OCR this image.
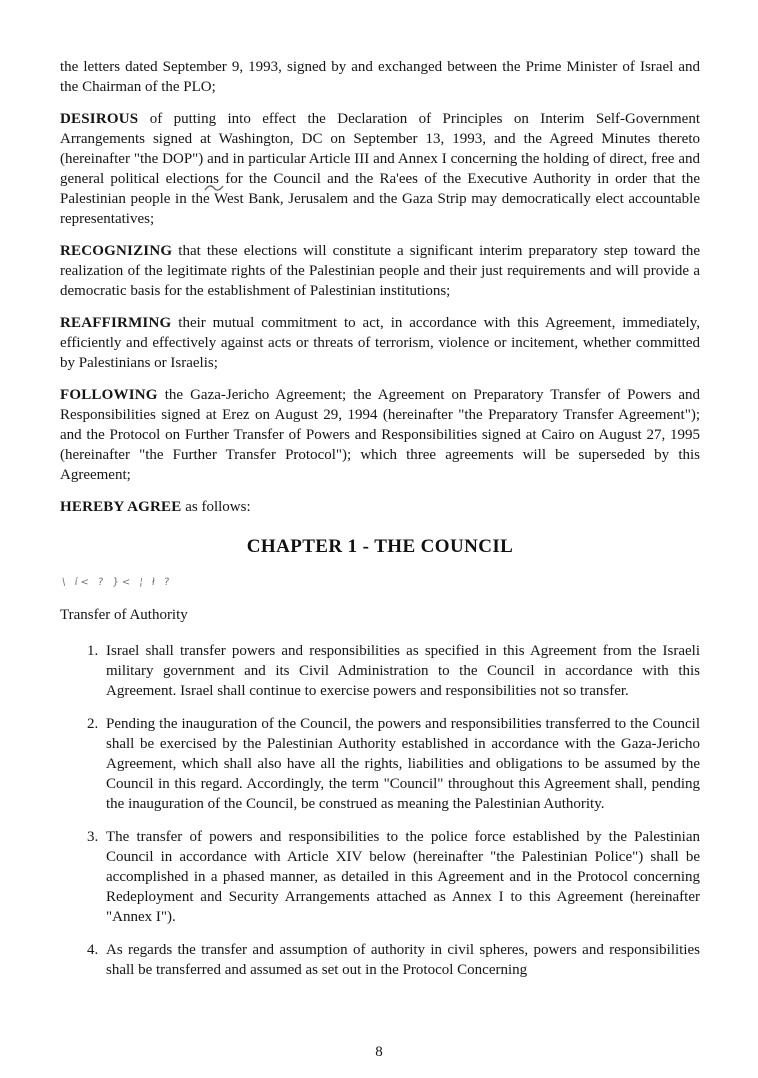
the letters dated September 9, 1993, signed by and exchanged between the Prime Minister of Israel and the Chairman of the PLO;

DESIROUS of putting into effect the Declaration of Principles on Interim Self-Government Arrangements signed at Washington, DC on September 13, 1993, and the Agreed Minutes thereto (hereinafter "the DOP") and in particular Article III and Annex I concerning the holding of direct, free and general political elections for the Council and the Ra'ees of the Executive Authority in order that the Palestinian people in the West Bank, Jerusalem and the Gaza Strip may democratically elect accountable representatives;

RECOGNIZING that these elections will constitute a significant interim preparatory step toward the realization of the legitimate rights of the Palestinian people and their just requirements and will provide a democratic basis for the establishment of Palestinian institutions;

REAFFIRMING their mutual commitment to act, in accordance with this Agreement, immediately, efficiently and effectively against acts or threats of terrorism, violence or incitement, whether committed by Palestinians or Israelis;

FOLLOWING the Gaza-Jericho Agreement; the Agreement on Preparatory Transfer of Powers and Responsibilities signed at Erez on August 29, 1994 (hereinafter "the Preparatory Transfer Agreement"); and the Protocol on Further Transfer of Powers and Responsibilities signed at Cairo on August 27, 1995 (hereinafter "the Further Transfer Protocol"); which three agreements will be superseded by this Agreement;

HEREBY AGREE as follows:

CHAPTER 1 - THE COUNCIL
\ í< ? }< ¦ ł ?
Transfer of Authority
1. Israel shall transfer powers and responsibilities as specified in this Agreement from the Israeli military government and its Civil Administration to the Council in accordance with this Agreement. Israel shall continue to exercise powers and responsibilities not so transfer.
2. Pending the inauguration of the Council, the powers and responsibilities transferred to the Council shall be exercised by the Palestinian Authority established in accordance with the Gaza-Jericho Agreement, which shall also have all the rights, liabilities and obligations to be assumed by the Council in this regard. Accordingly, the term "Council" throughout this Agreement shall, pending the inauguration of the Council, be construed as meaning the Palestinian Authority.
3. The transfer of powers and responsibilities to the police force established by the Palestinian Council in accordance with Article XIV below (hereinafter "the Palestinian Police") shall be accomplished in a phased manner, as detailed in this Agreement and in the Protocol concerning Redeployment and Security Arrangements attached as Annex I to this Agreement (hereinafter "Annex I").
4. As regards the transfer and assumption of authority in civil spheres, powers and responsibilities shall be transferred and assumed as set out in the Protocol Concerning
8
